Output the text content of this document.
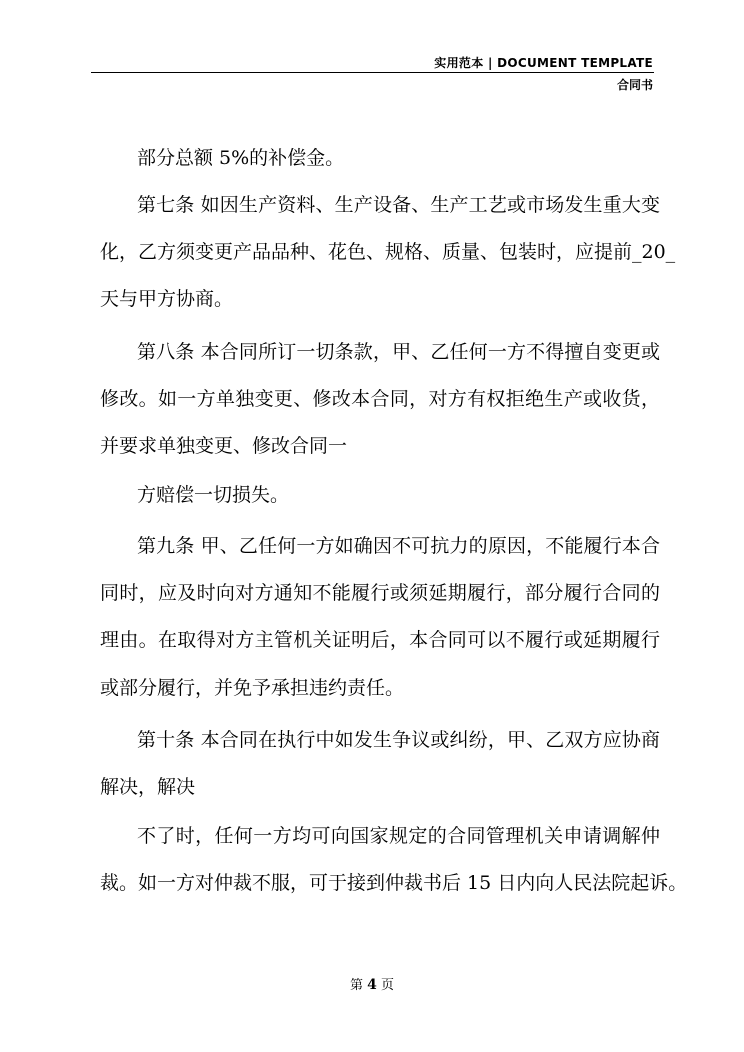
实用范本 | DOCUMENT TEMPLATE
合同书
部分总额 5%的补偿金。
第七条 如因生产资料、生产设备、生产工艺或市场发生重大变
化，乙方须变更产品品种、花色、规格、质量、包装时，应提前_20_
天与甲方协商。
第八条 本合同所订一切条款，甲、乙任何一方不得擅自变更或
修改。如一方单独变更、修改本合同，对方有权拒绝生产或收货，
并要求单独变更、修改合同一
方赔偿一切损失。
第九条 甲、乙任何一方如确因不可抗力的原因，不能履行本合
同时，应及时向对方通知不能履行或须延期履行，部分履行合同的
理由。在取得对方主管机关证明后，本合同可以不履行或延期履行
或部分履行，并免予承担违约责任。
第十条 本合同在执行中如发生争议或纠纷，甲、乙双方应协商
解决，解决
不了时，任何一方均可向国家规定的合同管理机关申请调解仲
裁。如一方对仲裁不服，可于接到仲裁书后 15 日内向人民法院起诉。
第 4 页
